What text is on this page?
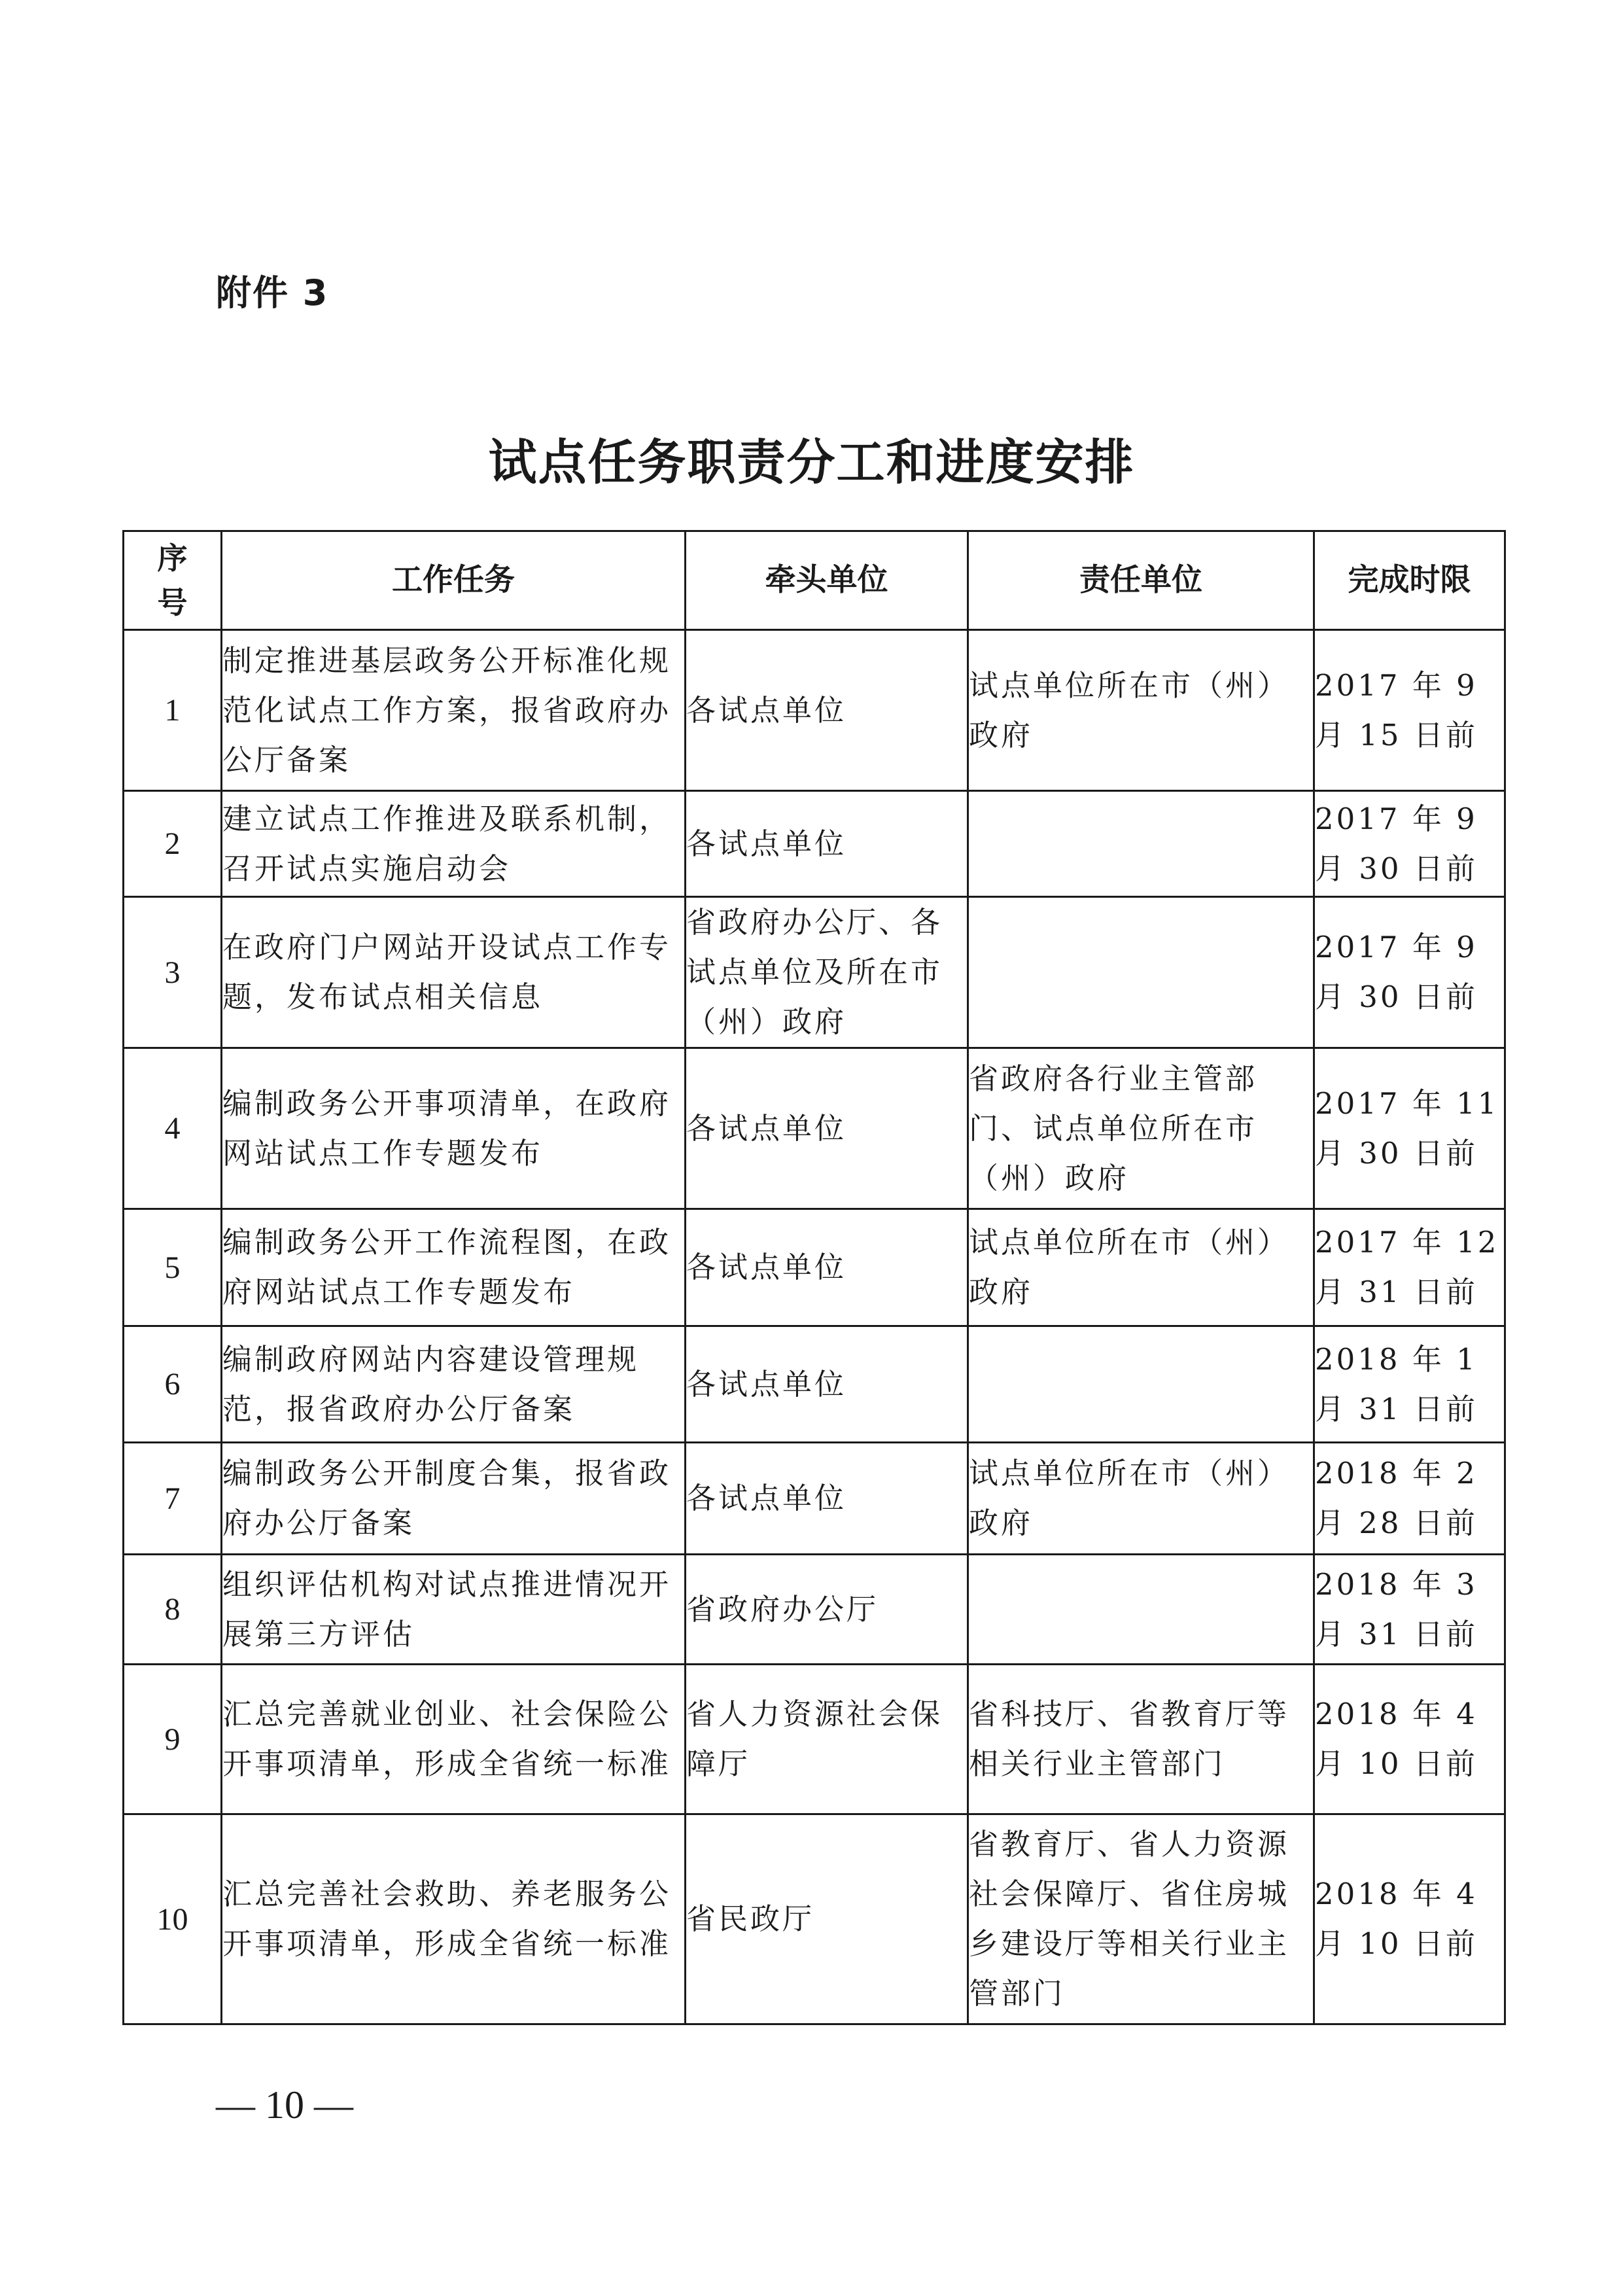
附件 3
试点任务职责分工和进度安排
序
号	工作任务	牵头单位	责任单位	完成时限
1	制定推进基层政务公开标准化规范化试点工作方案，报省政府办公厅备案	各试点单位	试点单位所在市（州）政府	2017 年 9 月 15 日前
2	建立试点工作推进及联系机制，召开试点实施启动会	各试点单位		2017 年 9 月 30 日前
3	在政府门户网站开设试点工作专题，发布试点相关信息	省政府办公厅、各试点单位及所在市（州）政府		2017 年 9 月 30 日前
4	编制政务公开事项清单，在政府网站试点工作专题发布	各试点单位	省政府各行业主管部门、试点单位所在市（州）政府	2017 年 11 月 30 日前
5	编制政务公开工作流程图，在政府网站试点工作专题发布	各试点单位	试点单位所在市（州）政府	2017 年 12 月 31 日前
6	编制政府网站内容建设管理规范，报省政府办公厅备案	各试点单位		2018 年 1 月 31 日前
7	编制政务公开制度合集，报省政府办公厅备案	各试点单位	试点单位所在市（州）政府	2018 年 2 月 28 日前
8	组织评估机构对试点推进情况开展第三方评估	省政府办公厅		2018 年 3 月 31 日前
9	汇总完善就业创业、社会保险公开事项清单，形成全省统一标准	省人力资源社会保障厅	省科技厅、省教育厅等相关行业主管部门	2018 年 4 月 10 日前
10	汇总完善社会救助、养老服务公开事项清单，形成全省统一标准	省民政厅	省教育厅、省人力资源社会保障厅、省住房城乡建设厅等相关行业主管部门	2018 年 4 月 10 日前
— 10 —
